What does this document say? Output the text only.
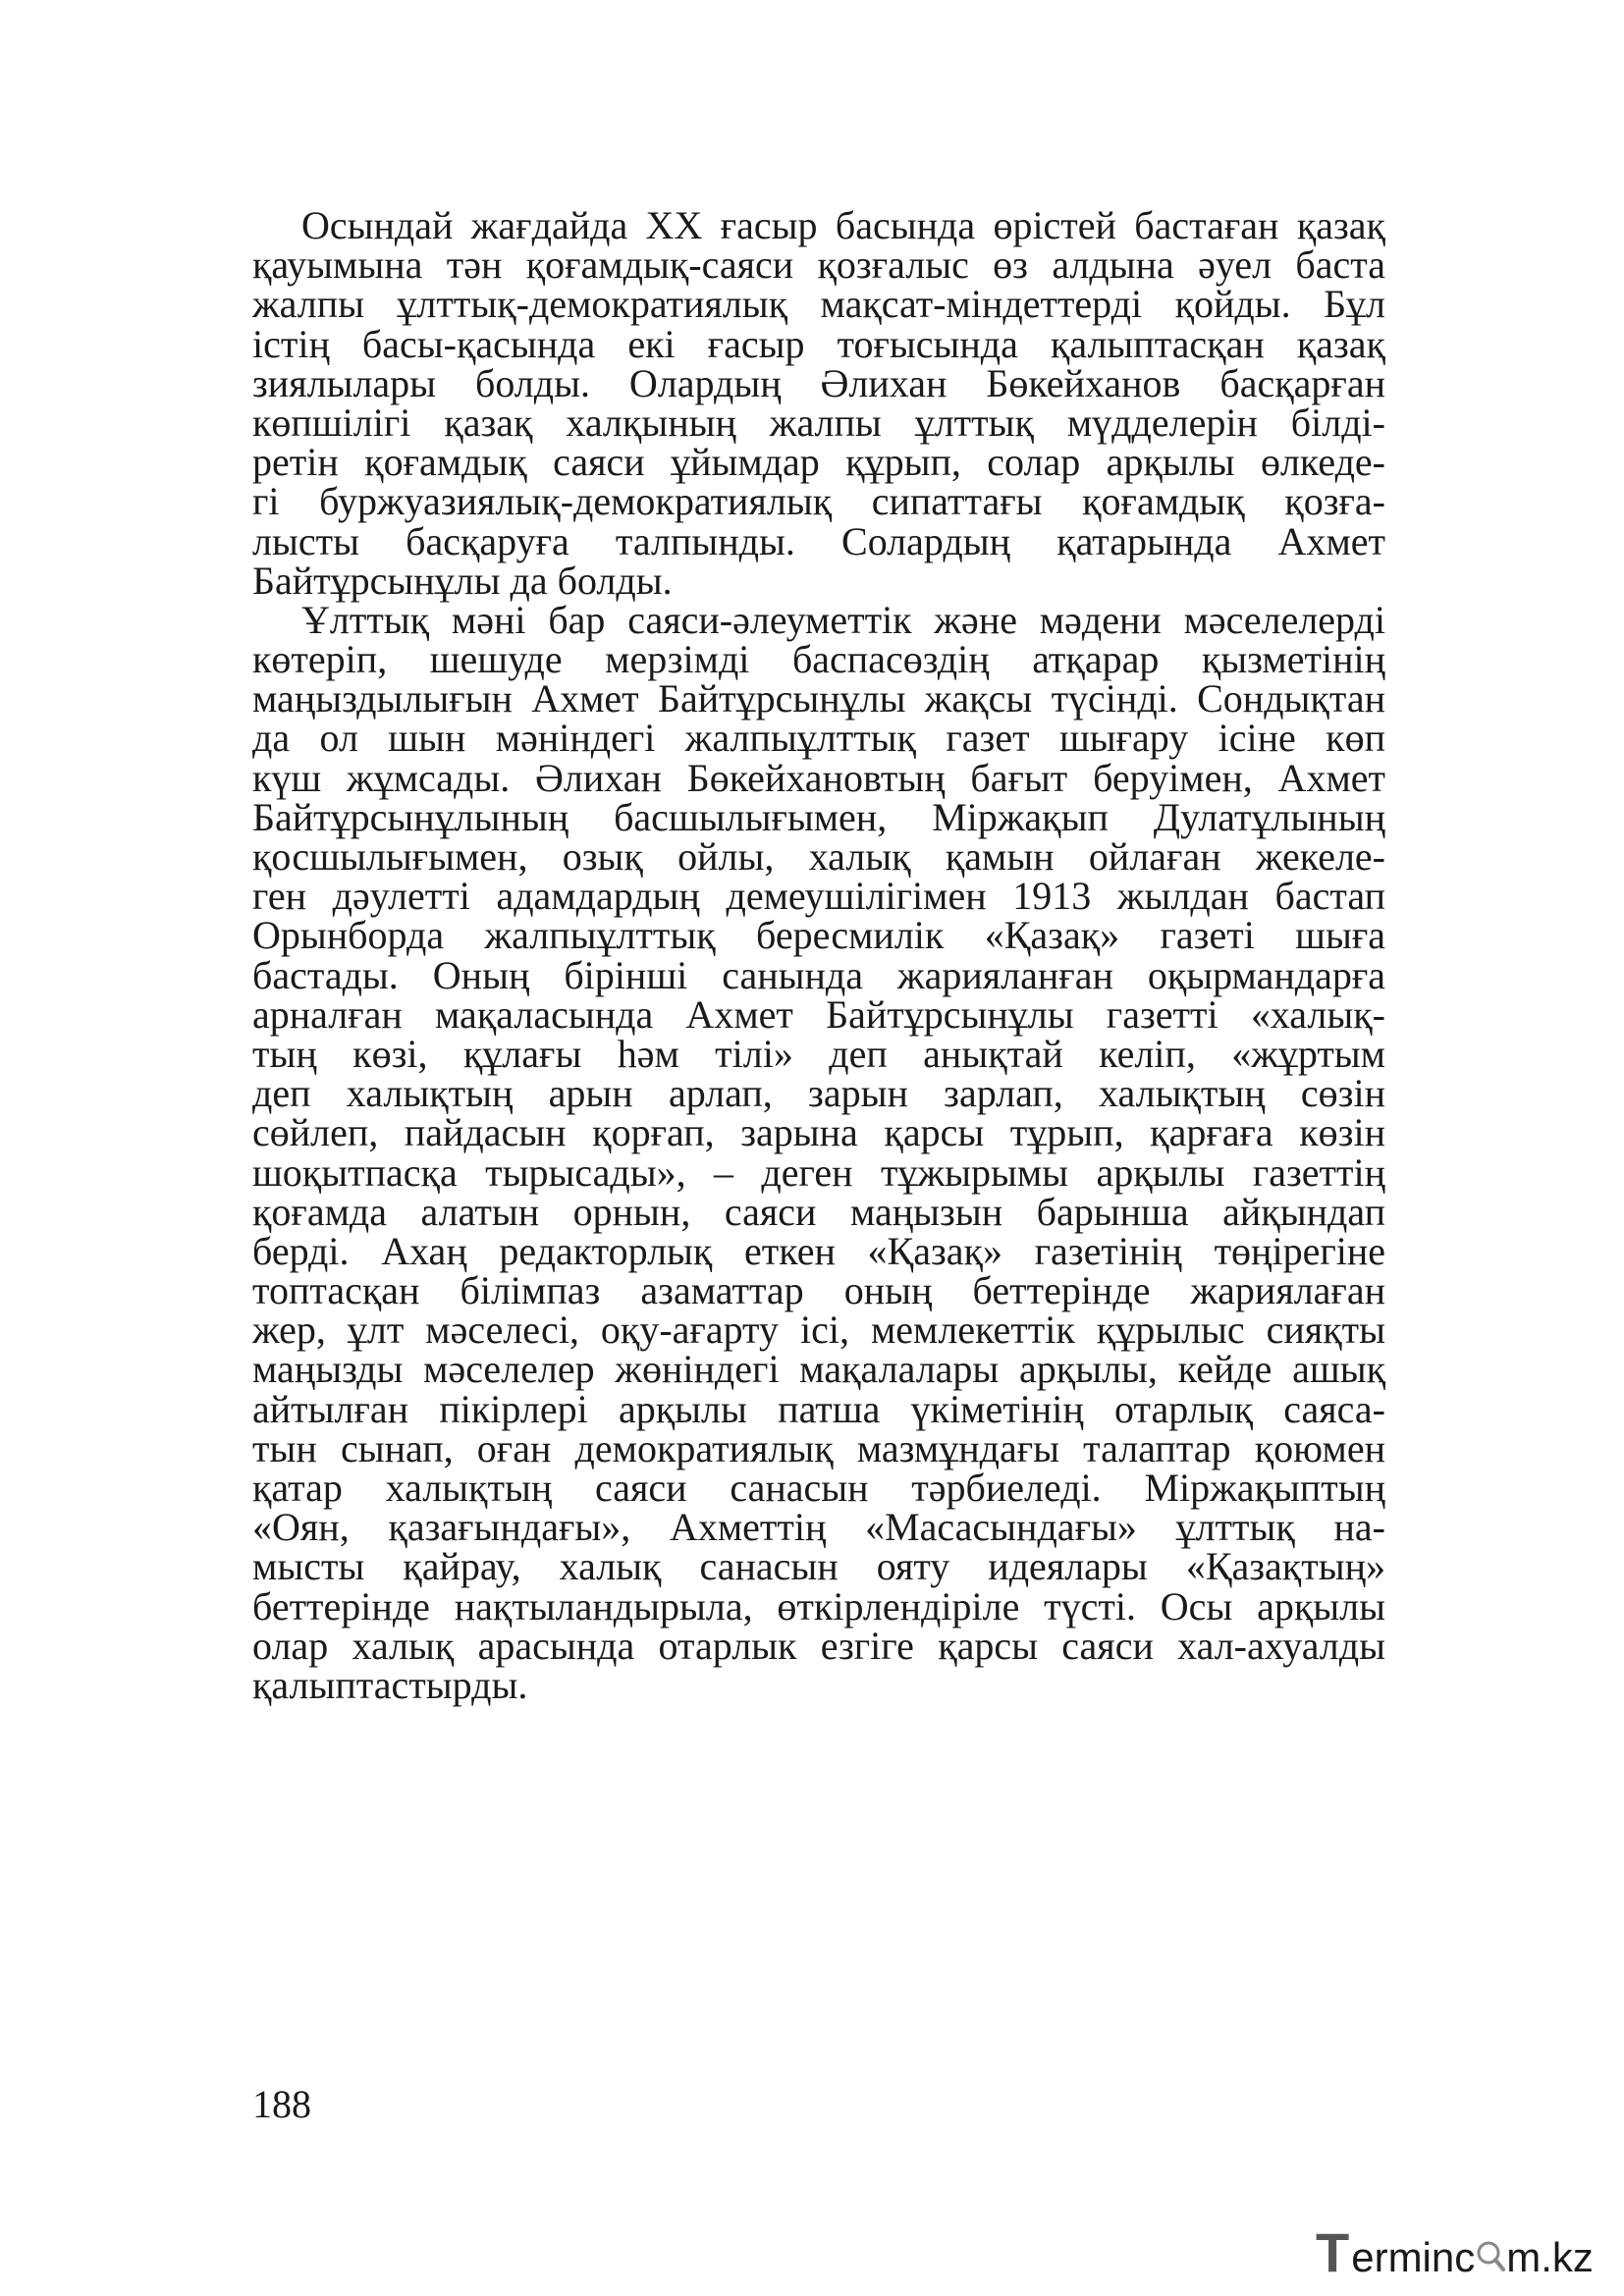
Осындай жағдайда XX ғасыр басында өрістей бастаған қазақ
қауымына тән қоғамдық-саяси қозғалыс өз алдына әуел баста
жалпы ұлттық-демократиялық мақсат-міндеттерді қойды. Бұл
істің басы-қасында екі ғасыр тоғысында қалыптасқан қазақ
зиялылары болды. Олардың Әлихан Бөкейханов басқарған
көпшілігі қазақ халқының жалпы ұлттық мүдделерін білді-
ретін қоғамдық саяси ұйымдар құрып, солар арқылы өлкеде-
гі буржуазиялық-демократиялық сипаттағы қоғамдық қозға-
лысты басқаруға талпынды. Солардың қатарында Ахмет
Байтұрсынұлы да болды.
Ұлттық мәні бар саяси-әлеуметтік және мәдени мәселелерді
көтеріп, шешуде мерзімді баспасөздің атқарар қызметінің
маңыздылығын Ахмет Байтұрсынұлы жақсы түсінді. Сондықтан
да ол шын мәніндегі жалпыұлттық газет шығару ісіне көп
күш жұмсады. Әлихан Бөкейхановтың бағыт беруімен, Ахмет
Байтұрсынұлының басшылығымен, Міржақып Дулатұлының
қосшылығымен, озық ойлы, халық қамын ойлаған жекеле-
ген дәулетті адамдардың демеушілігімен 1913 жылдан бастап
Орынборда жалпыұлттық бересмилік «Қазақ» газеті шыға
бастады. Оның бірінші санында жарияланған оқырмандарға
арналған мақаласында Ахмет Байтұрсынұлы газетті «халық-
тың көзі, құлағы һәм тілі» деп анықтай келіп, «жұртым
деп халықтың арын арлап, зарын зарлап, халықтың сөзін
сөйлеп, пайдасын қорғап, зарына қарсы тұрып, қарғаға көзін
шоқытпасқа тырысады», – деген тұжырымы арқылы газеттің
қоғамда алатын орнын, саяси маңызын барынша айқындап
берді. Ахаң редакторлық еткен «Қазақ» газетінің төңірегіне
топтасқан білімпаз азаматтар оның беттерінде жариялаған
жер, ұлт мәселесі, оқу-ағарту ісі, мемлекеттік құрылыс сияқты
маңызды мәселелер жөніндегі мақалалары арқылы, кейде ашық
айтылған пікірлері арқылы патша үкіметінің отарлық саяса-
тын сынап, оған демократиялық мазмұндағы талаптар қоюмен
қатар халықтың саяси санасын тәрбиеледі. Міржақыптың
«Оян, қазағындағы», Ахметтің «Масасындағы» ұлттық на-
мысты қайрау, халық санасын ояту идеялары «Қазақтың»
беттерінде нақтыландырыла, өткірлендіріле түсті. Осы арқылы
олар халық арасында отарлык езгіге қарсы саяси хал-ахуалды
қалыптастырды.
188
T erminc m.kz
